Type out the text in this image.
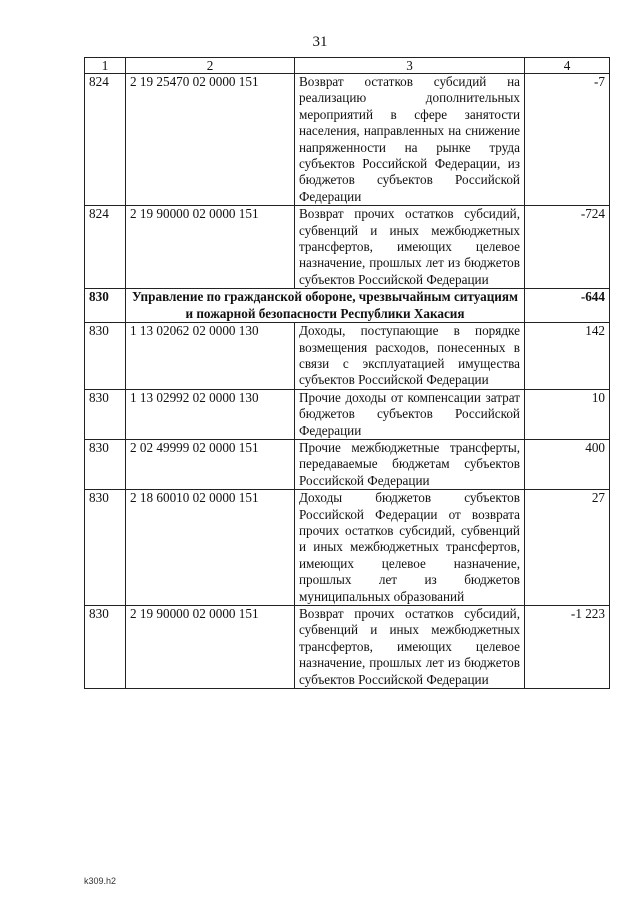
31
1	2	3	4
824	2 19 25470 02 0000 151	Возврат остатков субсидий на реализацию дополнительных мероприятий в сфере занятости населения, направленных на снижение напряженности на рынке труда субъектов Российской Федерации, из бюджетов субъектов Российской Федерации	-7
824	2 19 90000 02 0000 151	Возврат прочих остатков субсидий, субвенций и иных межбюджетных трансфертов, имеющих целевое назначение, прошлых лет из бюджетов субъектов Российской Федерации	-724
830	Управление по гражданской обороне, чрезвычайным ситуациям и пожарной безопасности Республики Хакасия		-644
830	1 13 02062 02 0000 130	Доходы, поступающие в порядке возмещения расходов, понесенных в связи с эксплуатацией имущества субъектов Российской Федерации	142
830	1 13 02992 02 0000 130	Прочие доходы от компенсации затрат бюджетов субъектов Российской Федерации	10
830	2 02 49999 02 0000 151	Прочие межбюджетные трансферты, передаваемые бюджетам субъектов Российской Федерации	400
830	2 18 60010 02 0000 151	Доходы бюджетов субъектов Российской Федерации от возврата прочих остатков субсидий, субвенций и иных межбюджетных трансфертов, имеющих целевое назначение, прошлых лет из бюджетов муниципальных образований	27
830	2 19 90000 02 0000 151	Возврат прочих остатков субсидий, субвенций и иных межбюджетных трансфертов, имеющих целевое назначение, прошлых лет из бюджетов субъектов Российской Федерации	-1 223
k309.h2
